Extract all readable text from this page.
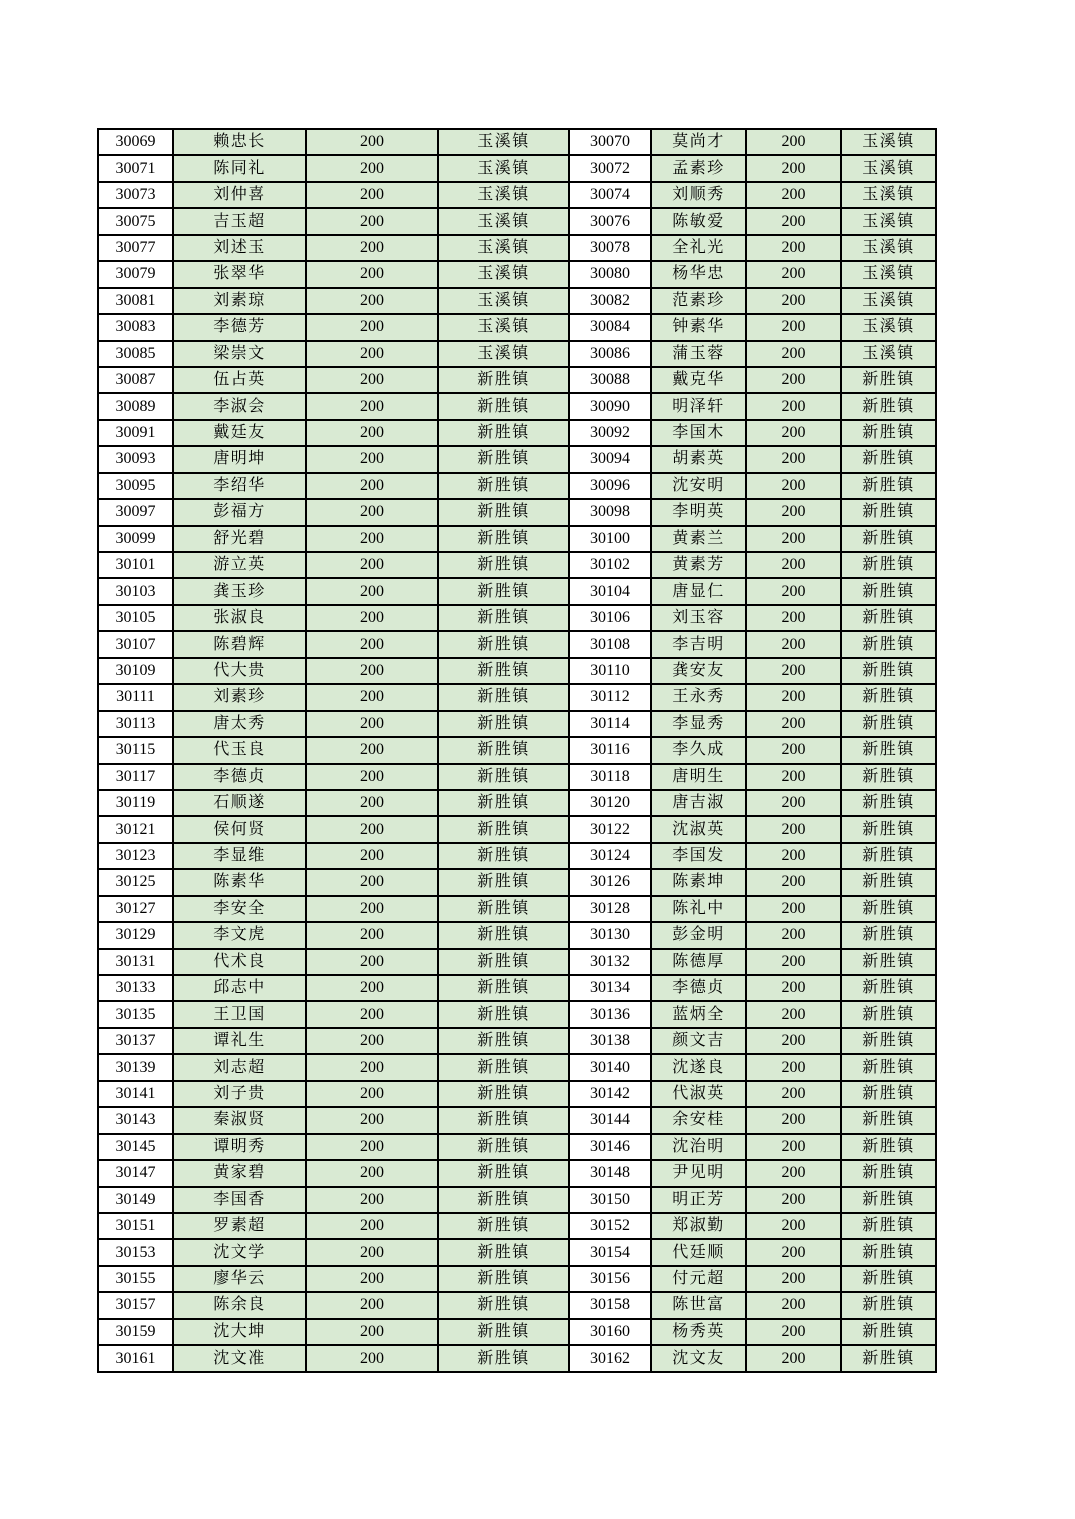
30069	赖忠长	200	玉溪镇	30070	莫尚才	200	玉溪镇
30071	陈同礼	200	玉溪镇	30072	孟素珍	200	玉溪镇
30073	刘仲喜	200	玉溪镇	30074	刘顺秀	200	玉溪镇
30075	吉玉超	200	玉溪镇	30076	陈敏爱	200	玉溪镇
30077	刘述玉	200	玉溪镇	30078	全礼光	200	玉溪镇
30079	张翠华	200	玉溪镇	30080	杨华忠	200	玉溪镇
30081	刘素琼	200	玉溪镇	30082	范素珍	200	玉溪镇
30083	李德芳	200	玉溪镇	30084	钟素华	200	玉溪镇
30085	梁崇文	200	玉溪镇	30086	蒲玉蓉	200	玉溪镇
30087	伍占英	200	新胜镇	30088	戴克华	200	新胜镇
30089	李淑会	200	新胜镇	30090	明泽轩	200	新胜镇
30091	戴廷友	200	新胜镇	30092	李国木	200	新胜镇
30093	唐明坤	200	新胜镇	30094	胡素英	200	新胜镇
30095	李绍华	200	新胜镇	30096	沈安明	200	新胜镇
30097	彭福方	200	新胜镇	30098	李明英	200	新胜镇
30099	舒光碧	200	新胜镇	30100	黄素兰	200	新胜镇
30101	游立英	200	新胜镇	30102	黄素芳	200	新胜镇
30103	龚玉珍	200	新胜镇	30104	唐显仁	200	新胜镇
30105	张淑良	200	新胜镇	30106	刘玉容	200	新胜镇
30107	陈碧辉	200	新胜镇	30108	李吉明	200	新胜镇
30109	代大贵	200	新胜镇	30110	龚安友	200	新胜镇
30111	刘素珍	200	新胜镇	30112	王永秀	200	新胜镇
30113	唐太秀	200	新胜镇	30114	李显秀	200	新胜镇
30115	代玉良	200	新胜镇	30116	李久成	200	新胜镇
30117	李德贞	200	新胜镇	30118	唐明生	200	新胜镇
30119	石顺遂	200	新胜镇	30120	唐吉淑	200	新胜镇
30121	侯何贤	200	新胜镇	30122	沈淑英	200	新胜镇
30123	李显维	200	新胜镇	30124	李国发	200	新胜镇
30125	陈素华	200	新胜镇	30126	陈素坤	200	新胜镇
30127	李安全	200	新胜镇	30128	陈礼中	200	新胜镇
30129	李文虎	200	新胜镇	30130	彭金明	200	新胜镇
30131	代术良	200	新胜镇	30132	陈德厚	200	新胜镇
30133	邱志中	200	新胜镇	30134	李德贞	200	新胜镇
30135	王卫国	200	新胜镇	30136	蓝炳全	200	新胜镇
30137	谭礼生	200	新胜镇	30138	颜文吉	200	新胜镇
30139	刘志超	200	新胜镇	30140	沈遂良	200	新胜镇
30141	刘子贵	200	新胜镇	30142	代淑英	200	新胜镇
30143	秦淑贤	200	新胜镇	30144	余安桂	200	新胜镇
30145	谭明秀	200	新胜镇	30146	沈治明	200	新胜镇
30147	黄家碧	200	新胜镇	30148	尹见明	200	新胜镇
30149	李国香	200	新胜镇	30150	明正芳	200	新胜镇
30151	罗素超	200	新胜镇	30152	郑淑勤	200	新胜镇
30153	沈文学	200	新胜镇	30154	代廷顺	200	新胜镇
30155	廖华云	200	新胜镇	30156	付元超	200	新胜镇
30157	陈余良	200	新胜镇	30158	陈世富	200	新胜镇
30159	沈大坤	200	新胜镇	30160	杨秀英	200	新胜镇
30161	沈文准	200	新胜镇	30162	沈文友	200	新胜镇
